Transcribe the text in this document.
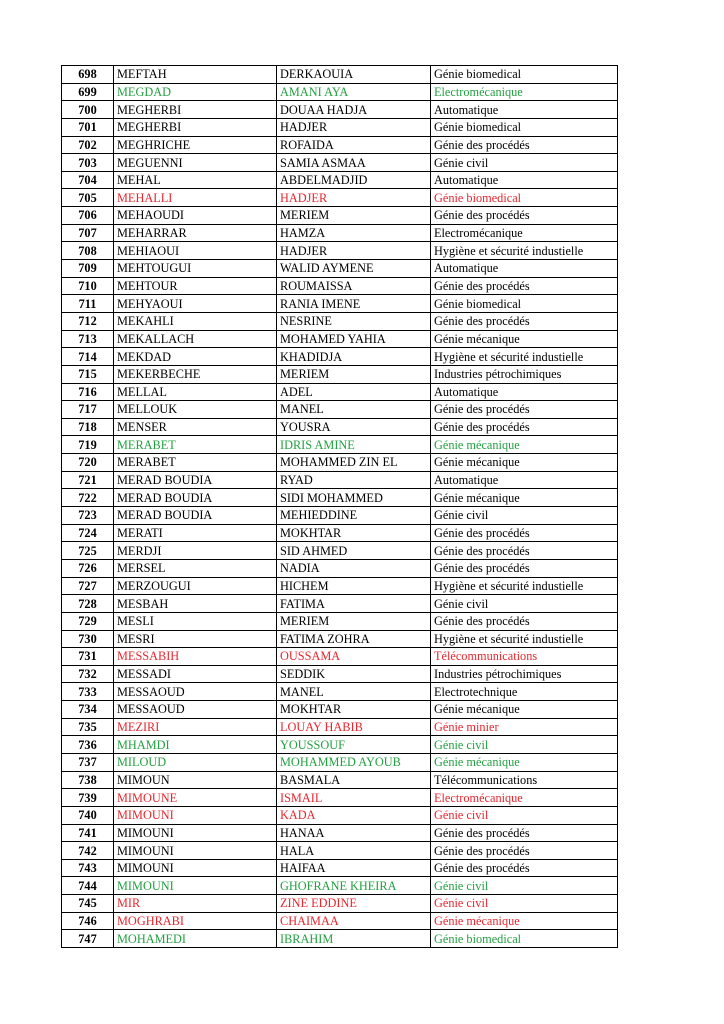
698	MEFTAH	DERKAOUIA	Génie biomedical
699	MEGDAD	AMANI AYA	Electromécanique
700	MEGHERBI	DOUAA HADJA	Automatique
701	MEGHERBI	HADJER	Génie biomedical
702	MEGHRICHE	ROFAIDA	Génie des procédés
703	MEGUENNI	SAMIA ASMAA	Génie civil
704	MEHAL	ABDELMADJID	Automatique
705	MEHALLI	HADJER	Génie biomedical
706	MEHAOUDI	MERIEM	Génie des procédés
707	MEHARRAR	HAMZA	Electromécanique
708	MEHIAOUI	HADJER	Hygiène et sécurité industielle
709	MEHTOUGUI	WALID AYMENE	Automatique
710	MEHTOUR	ROUMAISSA	Génie des procédés
711	MEHYAOUI	RANIA IMENE	Génie biomedical
712	MEKAHLI	NESRINE	Génie des procédés
713	MEKALLACH	MOHAMED YAHIA	Génie mécanique
714	MEKDAD	KHADIDJA	Hygiène et sécurité industielle
715	MEKERBECHE	MERIEM	Industries pétrochimiques
716	MELLAL	ADEL	Automatique
717	MELLOUK	MANEL	Génie des procédés
718	MENSER	YOUSRA	Génie des procédés
719	MERABET	IDRIS AMINE	Génie mécanique
720	MERABET	MOHAMMED ZIN EL	Génie mécanique
721	MERAD BOUDIA	RYAD	Automatique
722	MERAD BOUDIA	SIDI MOHAMMED	Génie mécanique
723	MERAD BOUDIA	MEHIEDDINE	Génie civil
724	MERATI	MOKHTAR	Génie des procédés
725	MERDJI	SID AHMED	Génie des procédés
726	MERSEL	NADIA	Génie des procédés
727	MERZOUGUI	HICHEM	Hygiène et sécurité industielle
728	MESBAH	FATIMA	Génie civil
729	MESLI	MERIEM	Génie des procédés
730	MESRI	FATIMA ZOHRA	Hygiène et sécurité industielle
731	MESSABIH	OUSSAMA	Télécommunications
732	MESSADI	SEDDIK	Industries pétrochimiques
733	MESSAOUD	MANEL	Electrotechnique
734	MESSAOUD	MOKHTAR	Génie mécanique
735	MEZIRI	LOUAY HABIB	Génie minier
736	MHAMDI	YOUSSOUF	Génie civil
737	MILOUD	MOHAMMED AYOUB	Génie mécanique
738	MIMOUN	BASMALA	Télécommunications
739	MIMOUNE	ISMAIL	Electromécanique
740	MIMOUNI	KADA	Génie civil
741	MIMOUNI	HANAA	Génie des procédés
742	MIMOUNI	HALA	Génie des procédés
743	MIMOUNI	HAIFAA	Génie des procédés
744	MIMOUNI	GHOFRANE KHEIRA	Génie civil
745	MIR	ZINE EDDINE	Génie civil
746	MOGHRABI	CHAIMAA	Génie mécanique
747	MOHAMEDI	IBRAHIM	Génie biomedical
